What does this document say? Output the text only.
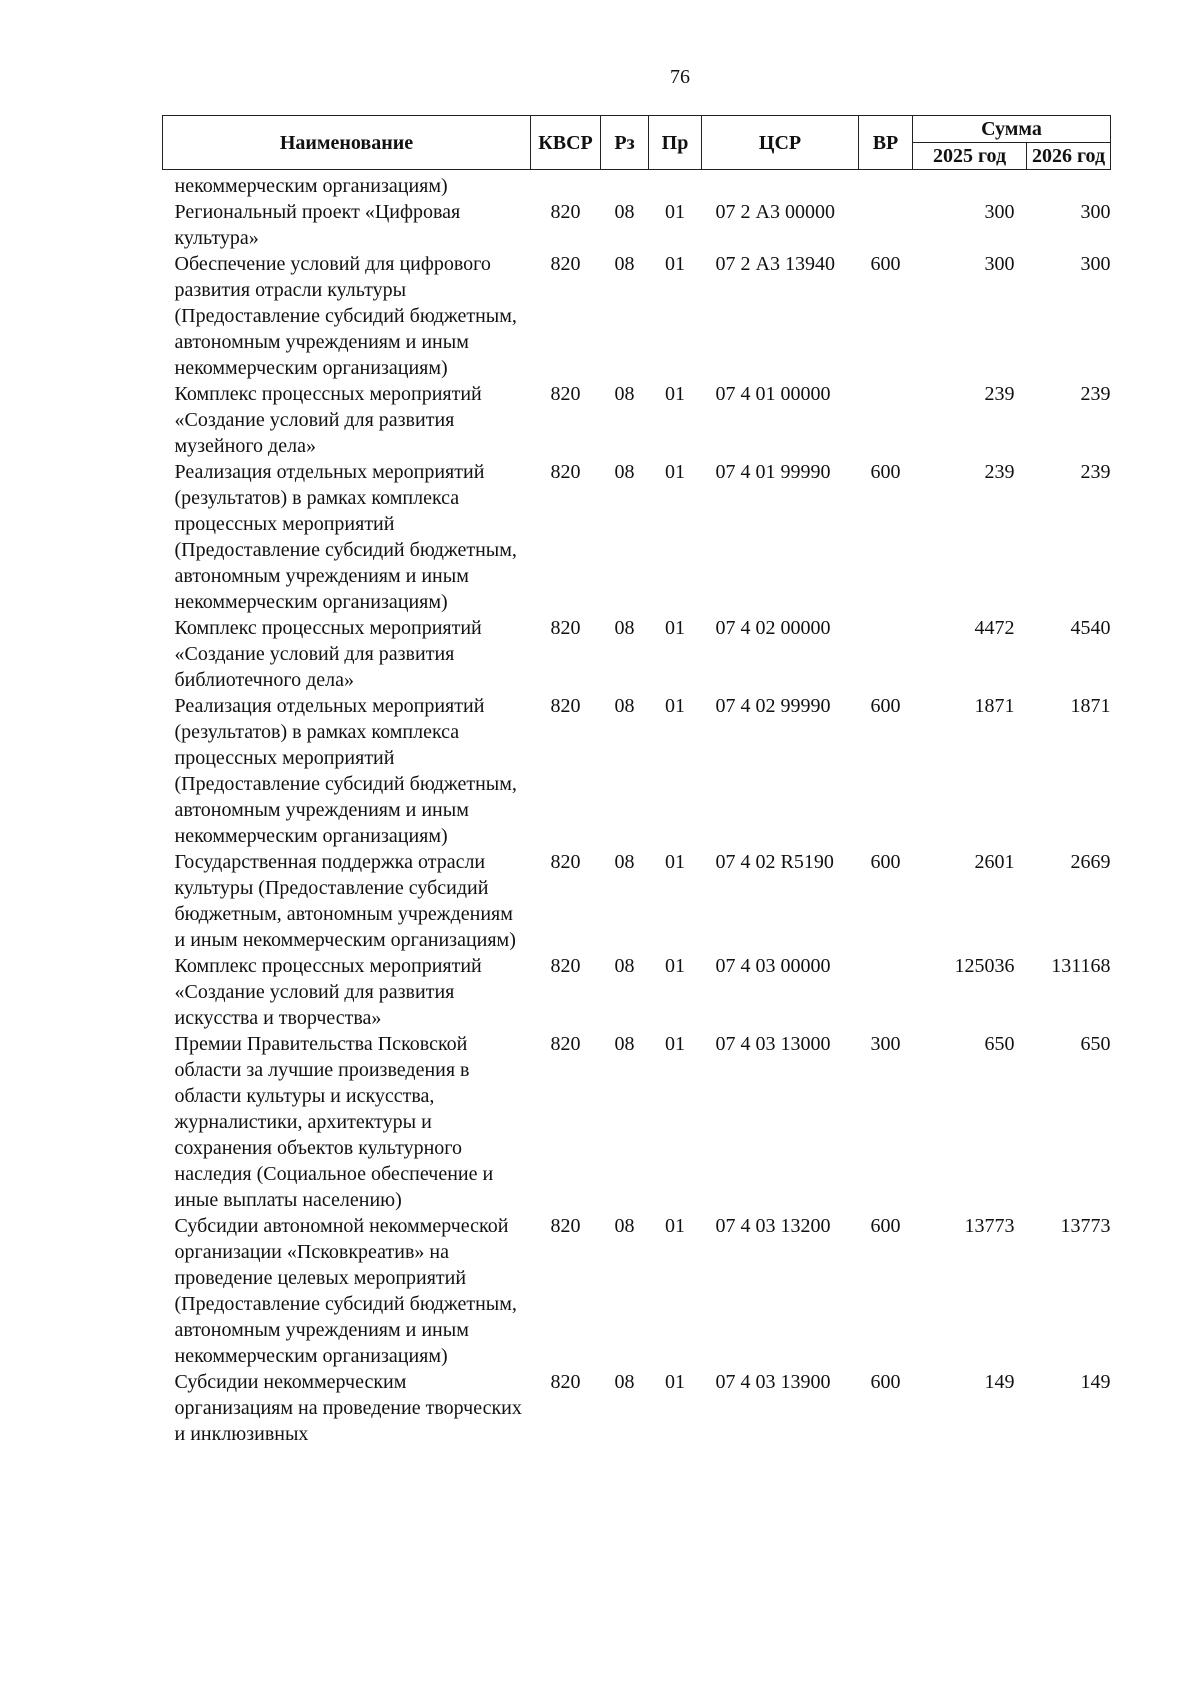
76
Наименование	КВСР	Рз	Пр	ЦСР	ВР	Сумма	
						2025 год	2026 год
некоммерческим организациям)							
Региональный проект «Цифровая культура»	820	08	01	07 2 А3 00000		300	300
Обеспечение условий для цифрового развития отрасли культуры (Предоставление субсидий бюджетным, автономным учреждениям и иным некоммерческим организациям)	820	08	01	07 2 А3 13940	600	300	300
Комплекс процессных мероприятий «Создание условий для развития музейного дела»	820	08	01	07 4 01 00000		239	239
Реализация отдельных мероприятий (результатов) в рамках комплекса процессных мероприятий (Предоставление субсидий бюджетным, автономным учреждениям и иным некоммерческим организациям)	820	08	01	07 4 01 99990	600	239	239
Комплекс процессных мероприятий «Создание условий для развития библиотечного дела»	820	08	01	07 4 02 00000		4472	4540
Реализация отдельных мероприятий (результатов) в рамках комплекса процессных мероприятий (Предоставление субсидий бюджетным, автономным учреждениям и иным некоммерческим организациям)	820	08	01	07 4 02 99990	600	1871	1871
Государственная поддержка отрасли культуры (Предоставление субсидий бюджетным, автономным учреждениям и иным некоммерческим организациям)	820	08	01	07 4 02 R5190	600	2601	2669
Комплекс процессных мероприятий «Создание условий для развития искусства и творчества»	820	08	01	07 4 03 00000		125036	131168
Премии Правительства Псковской области за лучшие произведения в области культуры и искусства, журналистики, архитектуры и сохранения объектов культурного наследия (Социальное обеспечение и иные выплаты населению)	820	08	01	07 4 03 13000	300	650	650
Субсидии автономной некоммерческой организации «Псковкреатив» на проведение целевых мероприятий (Предоставление субсидий бюджетным, автономным учреждениям и иным некоммерческим организациям)	820	08	01	07 4 03 13200	600	13773	13773
Субсидии некоммерческим организациям на проведение творческих и инклюзивных	820	08	01	07 4 03 13900	600	149	149
